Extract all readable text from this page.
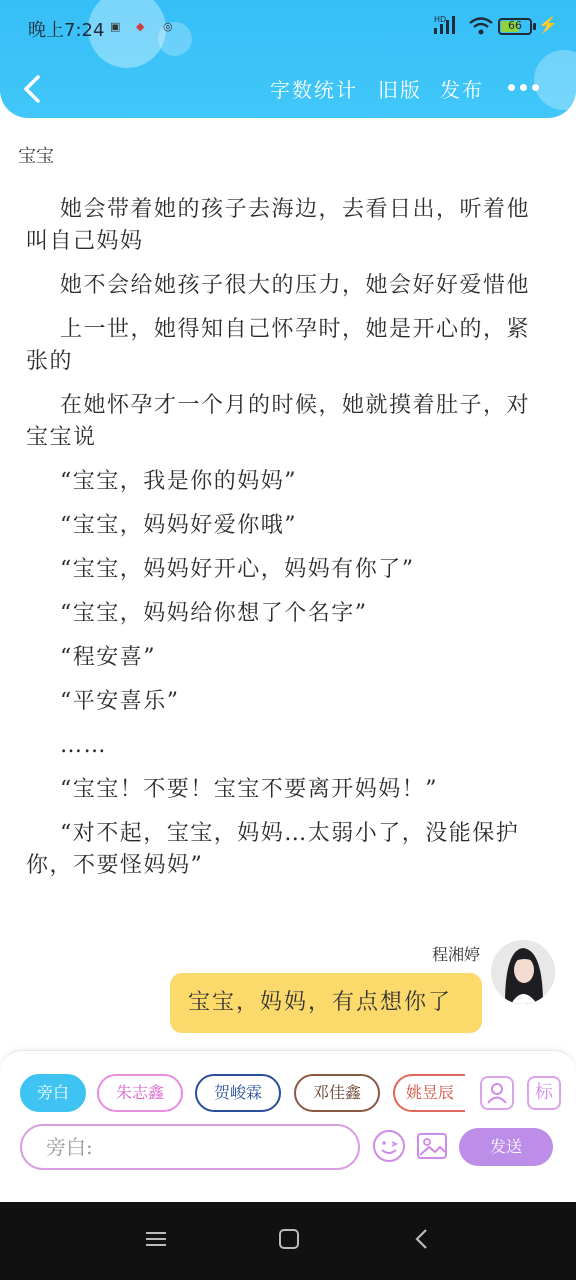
晚上7:24 ▣ ◆ ◎
HD	66	⚡
字数统计 旧版 发布
宝宝

她会带着她的孩子去海边，去看日出，听着他叫自己妈妈

她不会给她孩子很大的压力，她会好好爱惜他

上一世，她得知自己怀孕时，她是开心的，紧张的

在她怀孕才一个月的时候，她就摸着肚子，对宝宝说

“宝宝，我是你的妈妈”

“宝宝，妈妈好爱你哦”

“宝宝，妈妈好开心，妈妈有你了”

“宝宝，妈妈给你想了个名字”

“程安喜”

“平安喜乐”

……

“宝宝！不要！宝宝不要离开妈妈！”

“对不起，宝宝，妈妈…太弱小了，没能保护你，不要怪妈妈”

程湘婷
宝宝，妈妈，有点想你了
旁白	朱志鑫	贺峻霖	邓佳鑫	姚昱辰	标
旁白:	发送
